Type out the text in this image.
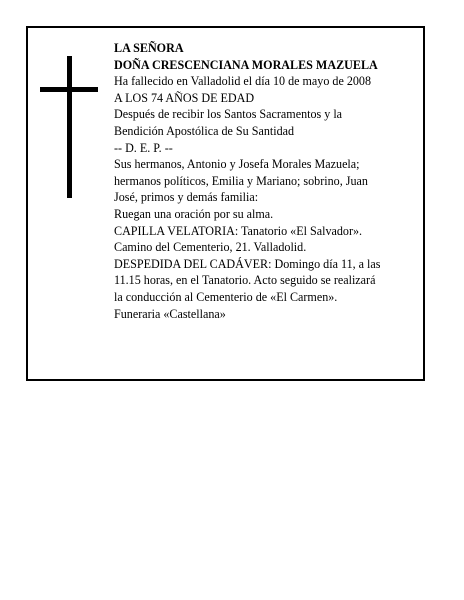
LA SEÑORA
DOÑA CRESCENCIANA MORALES MAZUELA
Ha fallecido en Valladolid el día 10 de mayo de 2008
A LOS 74 AÑOS DE EDAD
Después de recibir los Santos Sacramentos y la
Bendición Apostólica de Su Santidad
-- D. E. P. --
Sus hermanos, Antonio y Josefa Morales Mazuela;
hermanos políticos, Emilia y Mariano; sobrino, Juan
José, primos y demás familia:
Ruegan una oración por su alma.
CAPILLA VELATORIA: Tanatorio «El Salvador».
Camino del Cementerio, 21. Valladolid.
DESPEDIDA DEL CADÁVER: Domingo día 11, a las
11.15 horas, en el Tanatorio. Acto seguido se realizará
la conducción al Cementerio de «El Carmen».
Funeraria «Castellana»
